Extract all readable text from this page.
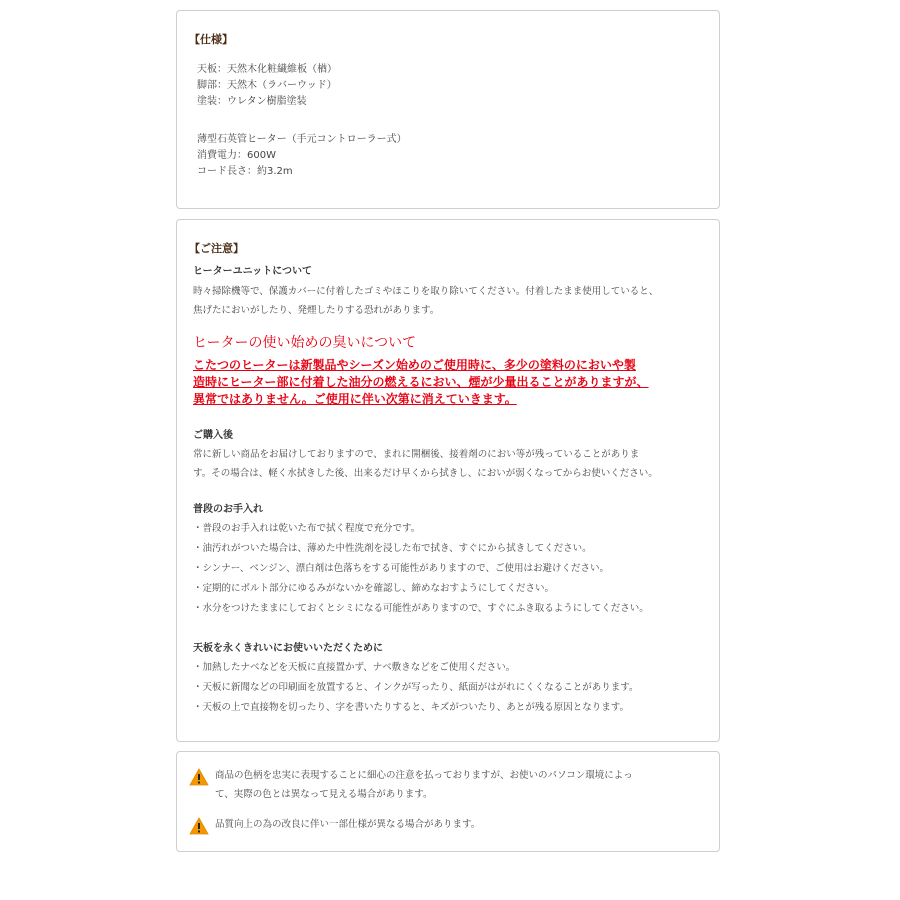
【仕様】
天板：天然木化粧繊維板（楢）
脚部：天然木（ラバーウッド）
塗装：ウレタン樹脂塗装
薄型石英管ヒーター（手元コントローラー式）
消費電力：600W
コード長さ：約3.2m
【ご注意】
ヒーターユニットについて
時々掃除機等で、保護カバーに付着したゴミやほこりを取り除いてください。付着したまま使用していると、
焦げたにおいがしたり、発煙したりする恐れがあります。
ヒーターの使い始めの臭いについて
こたつのヒーターは新製品やシーズン始めのご使用時に、多少の塗料のにおいや製
造時にヒーター部に付着した油分の燃えるにおい、煙が少量出ることがありますが、
異常ではありません。ご使用に伴い次第に消えていきます。
ご購入後
常に新しい商品をお届けしておりますので、まれに開梱後、接着剤のにおい等が残っていることがありま
す。その場合は、軽く水拭きした後、出来るだけ早くから拭きし、においが弱くなってからお使いください。
普段のお手入れ
・普段のお手入れは乾いた布で拭く程度で充分です。
・油汚れがついた場合は、薄めた中性洗剤を浸した布で拭き、すぐにから拭きしてください。
・シンナー、ベンジン、漂白剤は色落ちをする可能性がありますので、ご使用はお避けください。
・定期的にボルト部分にゆるみがないかを確認し、締めなおすようにしてください。
・水分をつけたままにしておくとシミになる可能性がありますので、すぐにふき取るようにしてください。
天板を永くきれいにお使いいただくために
・加熱したナベなどを天板に直接置かず、ナベ敷きなどをご使用ください。
・天板に新聞などの印刷面を放置すると、インクが写ったり、紙面がはがれにくくなることがあります。
・天板の上で直接物を切ったり、字を書いたりすると、キズがついたり、あとが残る原因となります。
商品の色柄を忠実に表現することに細心の注意を払っておりますが、お使いのパソコン環境によっ
て、実際の色とは異なって見える場合があります。
品質向上の為の改良に伴い一部仕様が異なる場合があります。
